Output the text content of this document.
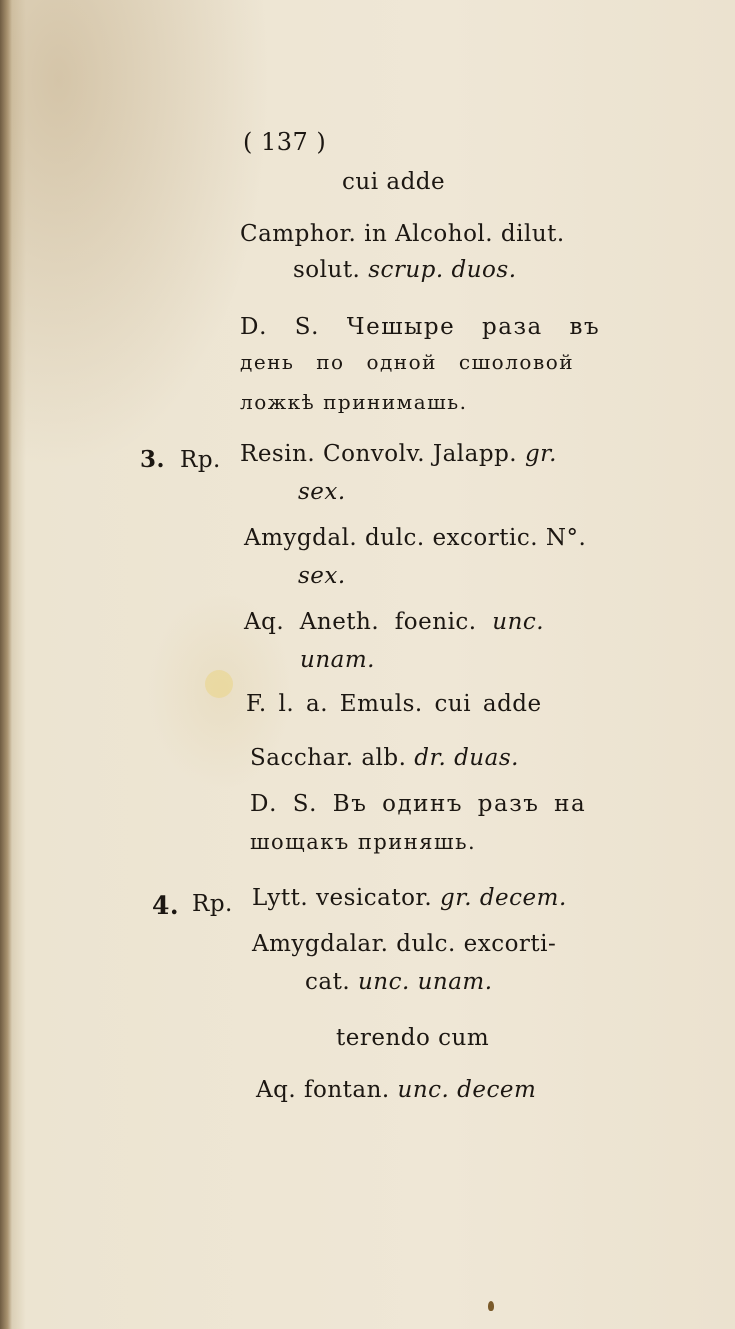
( 137 )
cui adde
Camphor. in Alcohol. dilut.
solut. scrup. duos.
D. S. Чешыре раза въ
день по одной сшоловой
ложкѣ принимашь.
3. Rp. Resin. Convolv. Jalapp. gr.
sex.
Amygdal. dulc. excortic. N°.
sex.
Aq.  Aneth.  foenic.  unc.
unam.
F. l. a. Emuls. cui adde
Sacchar. alb. dr. duas.
D. S. Въ одинъ разъ на
шощакъ приняшь.
4. Rp. Lytt. vesicator. gr. decem.
Amygdalar. dulc. excorti-
cat. unc. unam.
terendo cum
Aq. fontan. unc. decem
